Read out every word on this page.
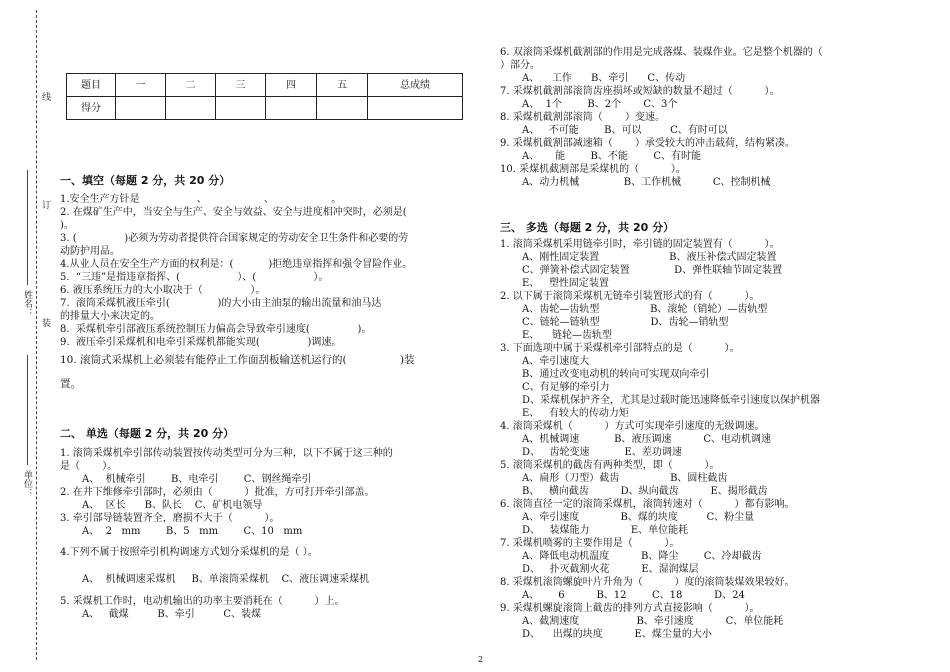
线
订
装
姓名：
单位：
题目	一	二	三	四	五	总成绩
得分						

一、填空（每题 2 分，共 20 分）

1.安全生产方针是                  、                  、                  。

2. 在煤矿生产中，当安全与生产、安全与效益、安全与进度相冲突时，必须是(

)。

3. (               )必须为劳动者提供符合国家规定的劳动安全卫生条件和必要的劳

动防护用品。

4.从业人员在安全生产方面的权利是：(           )拒绝违章指挥和强令冒险作业。

5.  “三违”是指违章指挥、(                  ）、(                  ）。

6. 液压系统压力的大小取决于（               ）。

7.  滚筒采煤机液压牵引(               )的大小由主油泵的输出流量和油马达

的排量大小来决定的。

8.  采煤机牵引部液压系统控制压力偏高会导致牵引速度(               )。

9.  液压牵引采煤机和电牵引采煤机都能实现(               )调速。

10. 滚筒式采煤机上必须装有能停止工作面刮板输送机运行的(                )装

置。

二、 单选（每题 2 分，共 20 分）

1. 滚筒采煤机牵引部传动装置按传动类型可分为三种，以下不属于这三种的

是（       ）。

A、  机械牵引        B、电牵引        C、钢丝绳牵引

2. 在井下维修牵引部时，必须由（          ）批准，方可打开牵引部盖。

A、  区长      B、队长    C、矿机电领导

3. 牵引部导链装置齐全，磨损不大于（          ）。

A、  2   mm        B、5   mm        C、10   mm

4.下列不属于按照牵引机构调速方式划分采煤机的是（ ）。

A、  机械调速采煤机     B、单滚筒采煤机    C、液压调速采煤机

5. 采煤机工作时，电动机输出的功率主要消耗在（          ）上。

A、   截煤         B、牵引         C、装煤

6. 双滚筒采煤机截割部的作用是完成落煤、装煤作业。它是整个机器的（

）部分。

A、    工作      B、牵引      C、传动

7. 采煤机截割部滚筒齿座损坏或短缺的数量不超过（          ）。

A、  1个        B、2个       C、3个

8. 采煤机截割部滚筒（       ）变速。

A、   不可能        B、可以         C、有时可以

9. 采煤机截割部减速箱（       ）承受较大的冲击载荷，结构紧凑。

A、     能        B、不能        C、有时能

10. 采煤机截割部是采煤机的（          ）。

A、动力机械              B、工作机械          C、控制机械

三、 多选（每题 2 分，共 20 分）

1. 滚筒采煤机采用链牵引时，牵引链的固定装置有（          ）。

A、刚性固定装置                      B、液压补偿式固定装置

C、弹簧补偿式固定装置              D、弹性联轴节固定装置

E、   塑性固定装置

2. 以下属于滚筒采煤机无链牵引装置形式的有（          ）。

A、齿轮—齿轨型                B、滚轮（销轮）—齿轨型

C、链轮—链轨型                D、齿轮—销轨型

E、    链轮—齿轨型

3. 下面选项中属于采煤机牵引部特点的是（          ）。

A、牵引速度大

B、通过改变电动机的转向可实现双向牵引

C、有足够的牵引力

D、采煤机保护齐全，尤其是过载时能迅速降低牵引速度以保护机器

E、   有较大的传动力矩

4. 滚筒采煤机（          ）方式可实现牵引速度的无级调速。

A、机械调速           B、液压调速          C、电动机调速

D、   齿轮变速           E、差功调速

5. 滚筒采煤机的截齿有两种类型，即（          ）。

A、扁形（刀型）截齿                B、圆柱截齿

B、   横向截齿          D、纵向截齿          E、揭形截齿

6. 滚筒直径一定的滚筒采煤机，滚筒转速对（          ）都有影响。

A、牵引速度             B、煤的块度         C、粉尘量

D、   装煤能力             E、单位能耗

7. 采煤机喷雾的主要作用是（          ）。

A、降低电动机温度          B、降尘        C、冷却截齿

D、   扑灭截割火花          E、湿润煤层

8. 采煤机滚筒螺旋叶片升角为（          ）度的滚筒装煤效果较好。

A、      6          B、12        C、18          D、24

9. 采煤机螺旋滚筒上截齿的排列方式直接影响（          ）。

A、截割速度                  B、牵引速度          C、单位能耗

D、    出煤的块度          E、煤尘量的大小

2
